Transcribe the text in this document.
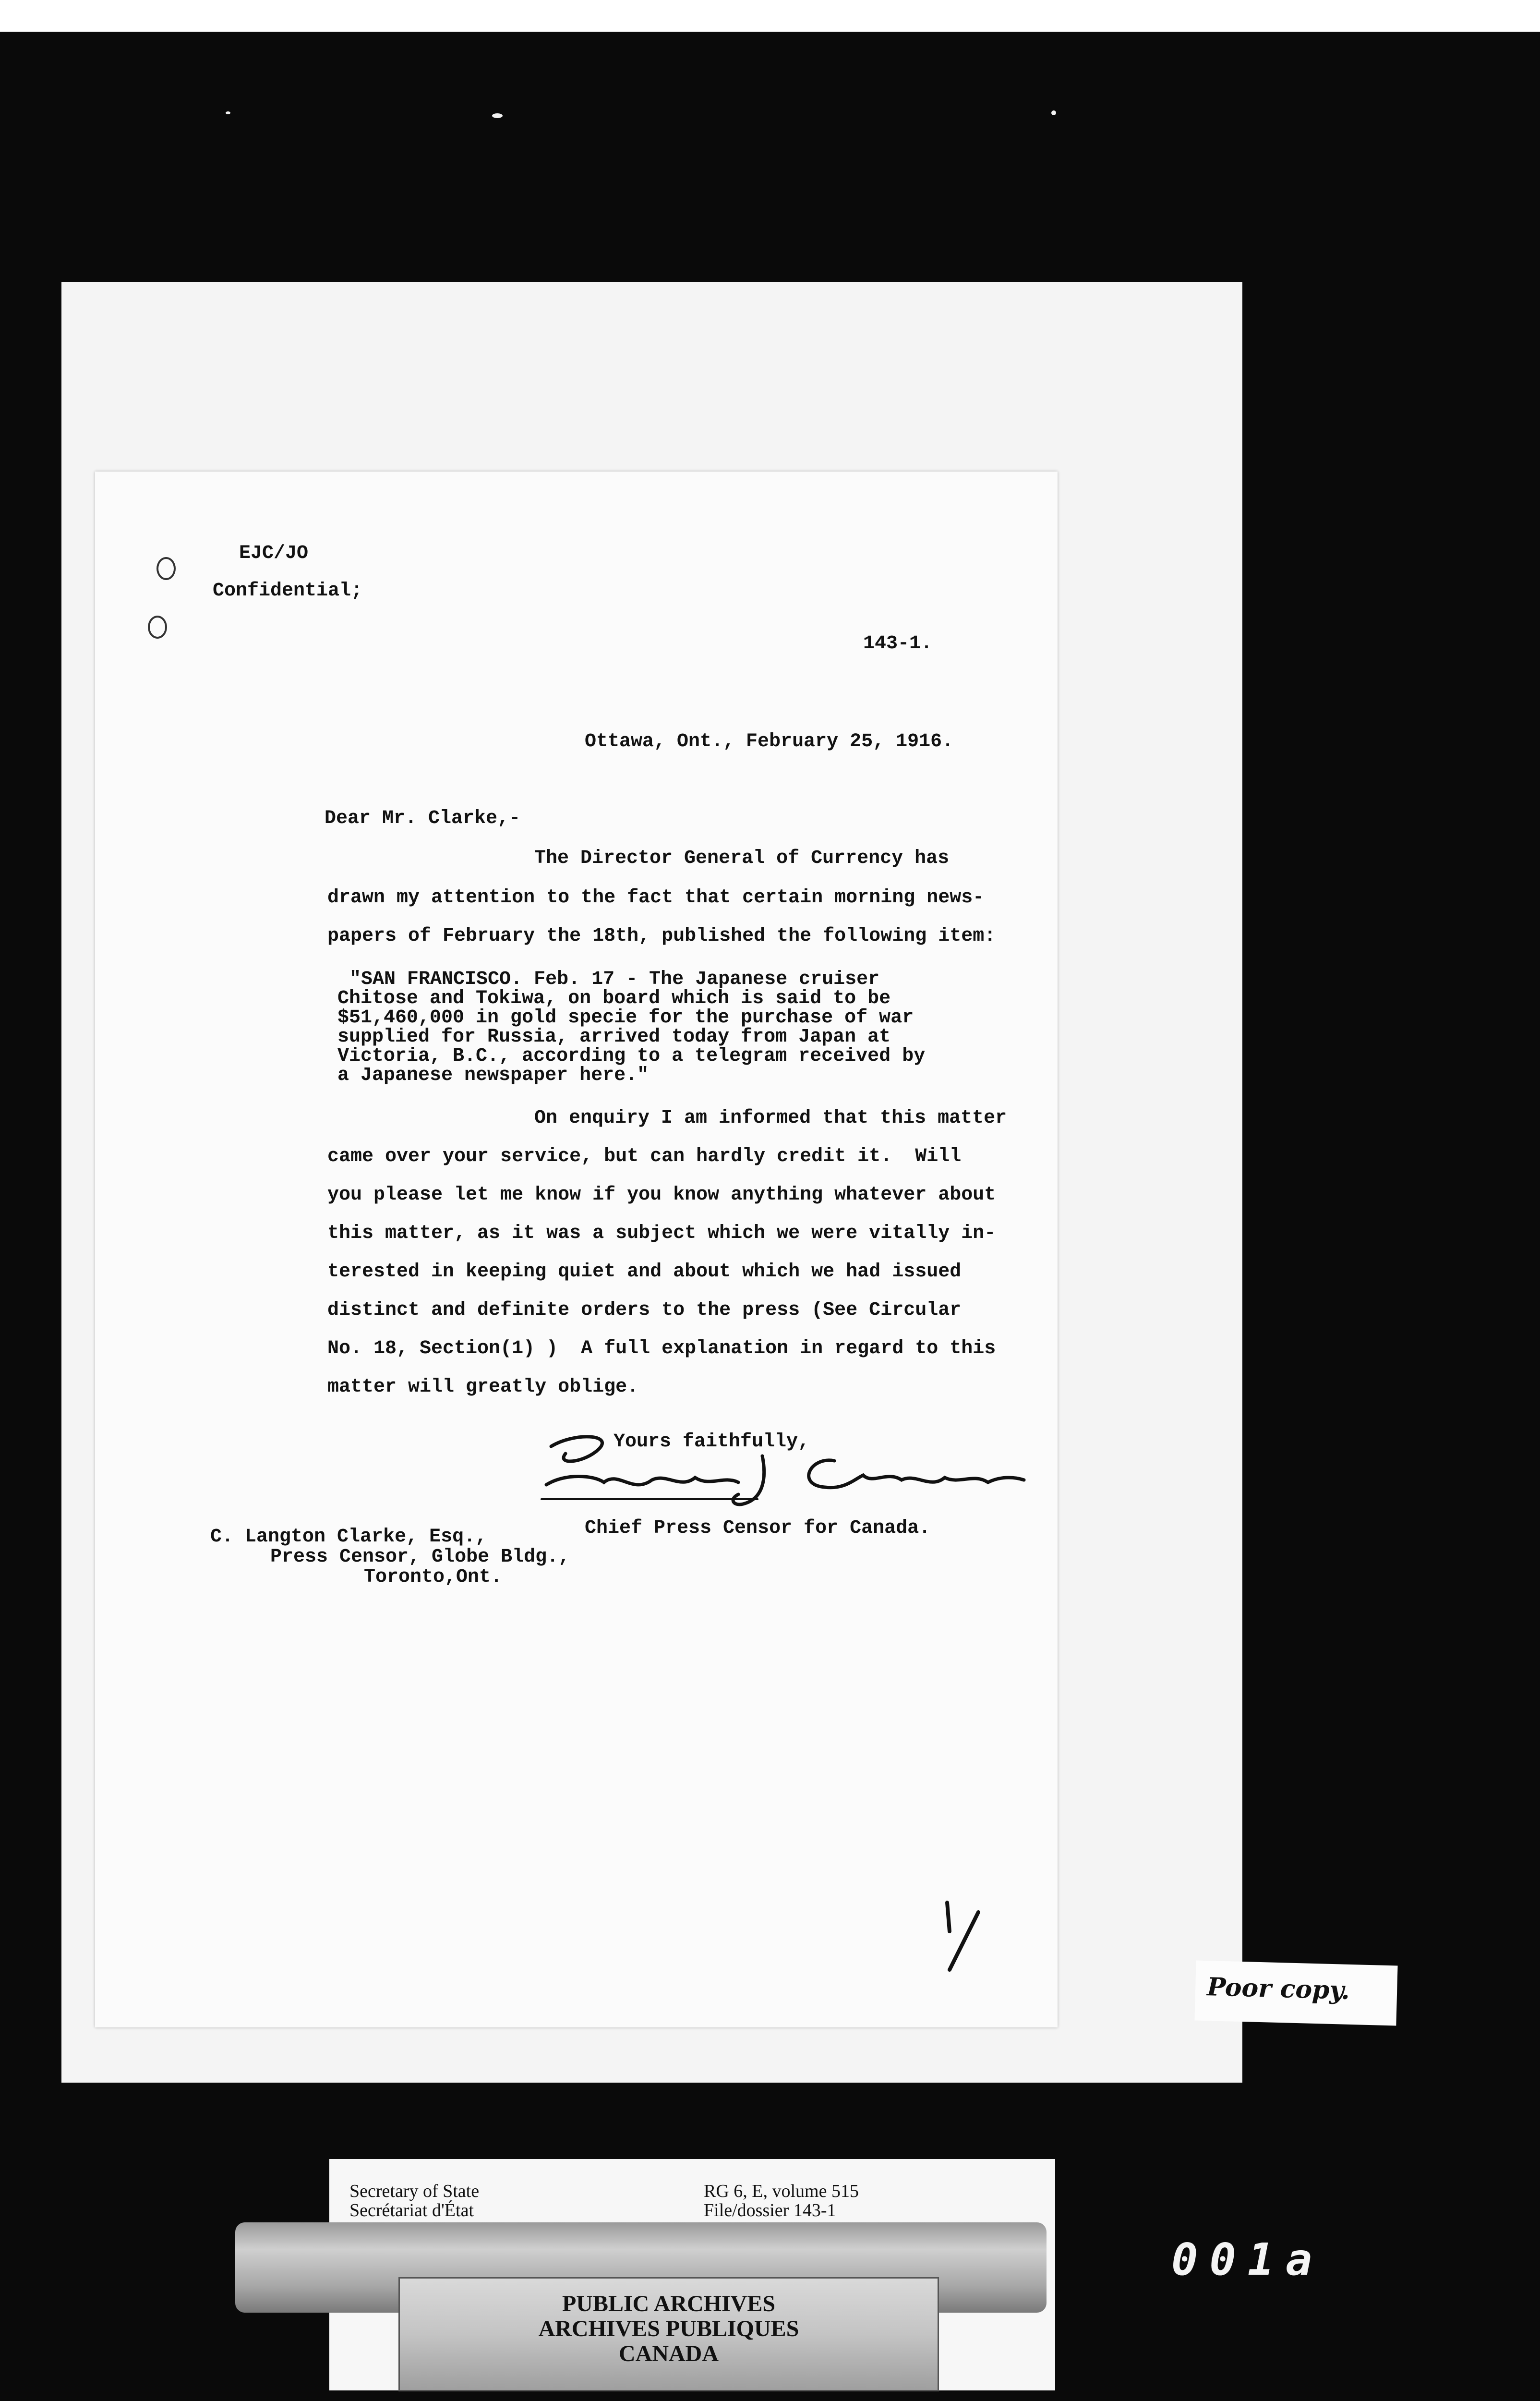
EJC/JO
Confidential;
143-1.
Ottawa, Ont., February 25, 1916.
Dear Mr. Clarke,-
The Director General of Currency has
drawn my attention to the fact that certain morning news-
papers of February the 18th, published the following item:
"SAN FRANCISCO. Feb. 17 - The Japanese cruiser
Chitose and Tokiwa, on board which is said to be
$51,460,000 in gold specie for the purchase of war
supplied for Russia, arrived today from Japan at
Victoria, B.C., according to a telegram received by
a Japanese newspaper here."
On enquiry I am informed that this matter
came over your service, but can hardly credit it.  Will
you please let me know if you know anything whatever about
this matter, as it was a subject which we were vitally in-
terested in keeping quiet and about which we had issued
distinct and definite orders to the press (See Circular
No. 18, Section(1) )  A full explanation in regard to this
matter will greatly oblige.
Yours faithfully,
Chief Press Censor for Canada.
C. Langton Clarke, Esq.,
Press Censor, Globe Bldg.,
Toronto,Ont.
Poor copy.
Secretary of State
Secrétariat d'État
RG 6, E, volume 515
File/dossier 143-1
PUBLIC ARCHIVES
ARCHIVES PUBLIQUES
CANADA
001a
